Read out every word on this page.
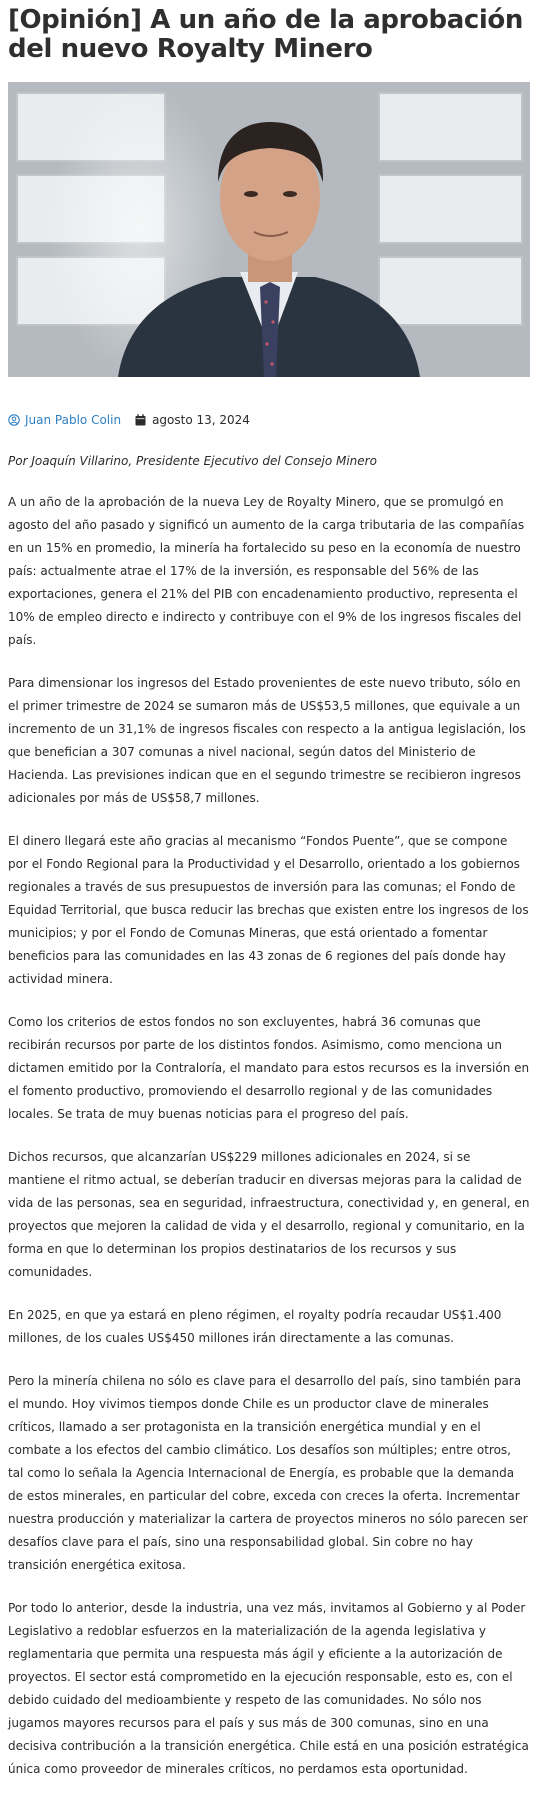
[Opinión] A un año de la aprobación del nuevo Royalty Minero
Juan Pablo Colin	agosto 13, 2024

Por Joaquín Villarino, Presidente Ejecutivo del Consejo Minero

A un año de la aprobación de la nueva Ley de Royalty Minero, que se promulgó en agosto del año pasado y significó un aumento de la carga tributaria de las compañías en un 15% en promedio, la minería ha fortalecido su peso en la economía de nuestro país: actualmente atrae el 17% de la inversión, es responsable del 56% de las exportaciones, genera el 21% del PIB con encadenamiento productivo, representa el 10% de empleo directo e indirecto y contribuye con el 9% de los ingresos fiscales del país.

Para dimensionar los ingresos del Estado provenientes de este nuevo tributo, sólo en el primer trimestre de 2024 se sumaron más de US$53,5 millones, que equivale a un incremento de un 31,1% de ingresos fiscales con respecto a la antigua legislación, los que benefician a 307 comunas a nivel nacional, según datos del Ministerio de Hacienda. Las previsiones indican que en el segundo trimestre se recibieron ingresos adicionales por más de US$58,7 millones.

El dinero llegará este año gracias al mecanismo “Fondos Puente”, que se compone por el Fondo Regional para la Productividad y el Desarrollo, orientado a los gobiernos regionales a través de sus presupuestos de inversión para las comunas; el Fondo de Equidad Territorial, que busca reducir las brechas que existen entre los ingresos de los municipios; y por el Fondo de Comunas Mineras, que está orientado a fomentar beneficios para las comunidades en las 43 zonas de 6 regiones del país donde hay actividad minera.

Como los criterios de estos fondos no son excluyentes, habrá 36 comunas que recibirán recursos por parte de los distintos fondos. Asimismo, como menciona un dictamen emitido por la Contraloría, el mandato para estos recursos es la inversión en el fomento productivo, promoviendo el desarrollo regional y de las comunidades locales. Se trata de muy buenas noticias para el progreso del país.

Dichos recursos, que alcanzarían US$229 millones adicionales en 2024, si se mantiene el ritmo actual, se deberían traducir en diversas mejoras para la calidad de vida de las personas, sea en seguridad, infraestructura, conectividad y, en general, en proyectos que mejoren la calidad de vida y el desarrollo, regional y comunitario, en la forma en que lo determinan los propios destinatarios de los recursos y sus comunidades.

En 2025, en que ya estará en pleno régimen, el royalty podría recaudar US$1.400 millones, de los cuales US$450 millones irán directamente a las comunas.

Pero la minería chilena no sólo es clave para el desarrollo del país, sino también para el mundo. Hoy vivimos tiempos donde Chile es un productor clave de minerales críticos, llamado a ser protagonista en la transición energética mundial y en el combate a los efectos del cambio climático. Los desafíos son múltiples; entre otros, tal como lo señala la Agencia Internacional de Energía, es probable que la demanda de estos minerales, en particular del cobre, exceda con creces la oferta. Incrementar nuestra producción y materializar la cartera de proyectos mineros no sólo parecen ser desafíos clave para el país, sino una responsabilidad global. Sin cobre no hay transición energética exitosa.

Por todo lo anterior, desde la industria, una vez más, invitamos al Gobierno y al Poder Legislativo a redoblar esfuerzos en la materialización de la agenda legislativa y reglamentaria que permita una respuesta más ágil y eficiente a la autorización de proyectos. El sector está comprometido en la ejecución responsable, esto es, con el debido cuidado del medioambiente y respeto de las comunidades. No sólo nos jugamos mayores recursos para el país y sus más de 300 comunas, sino en una decisiva contribución a la transición energética. Chile está en una posición estratégica única como proveedor de minerales críticos, no perdamos esta oportunidad.
